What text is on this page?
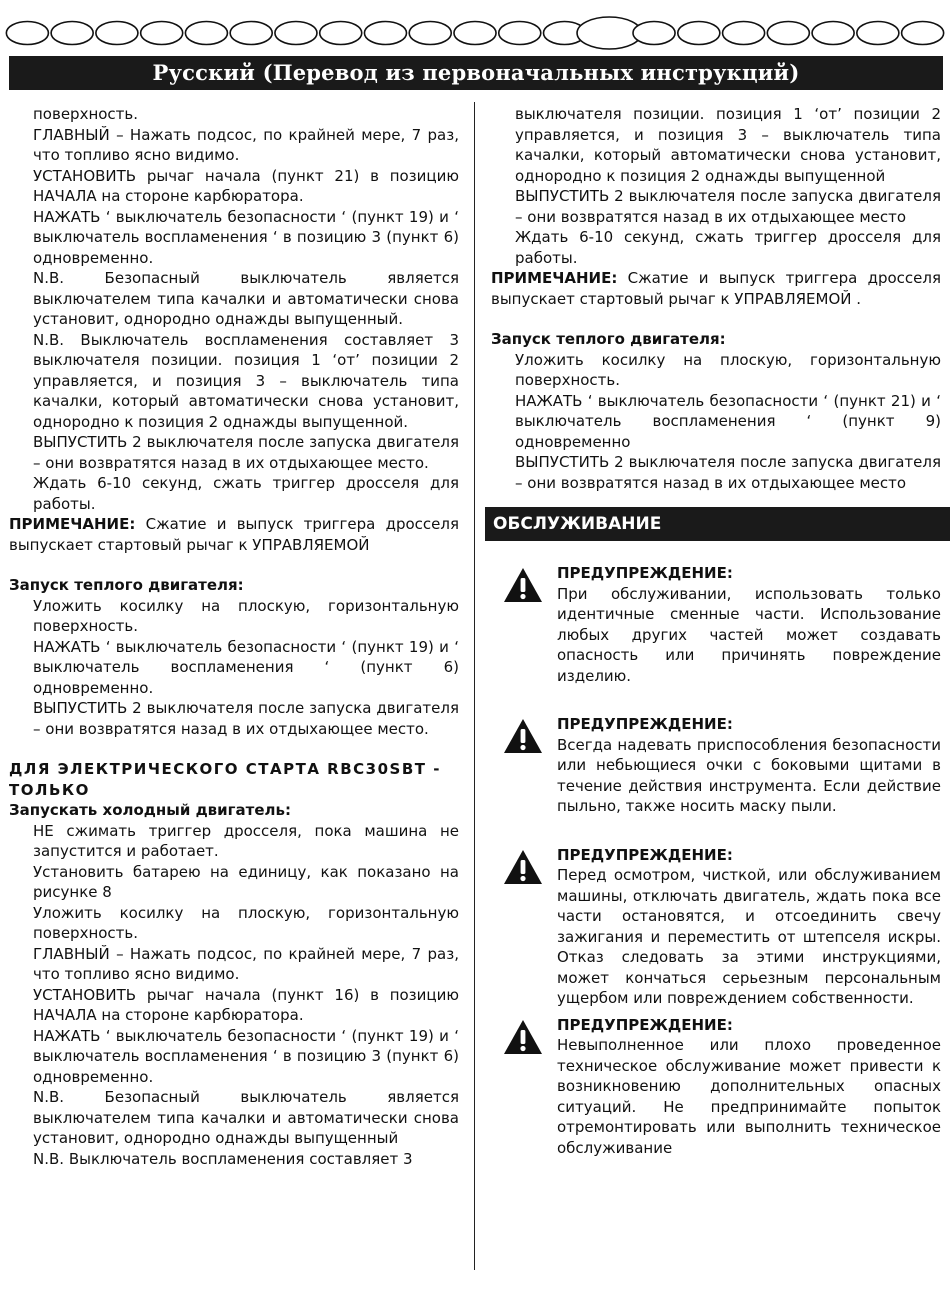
Русский (Перевод из первоначальных инструкций)

поверхность.

ГЛАВНЫЙ – Нажать подсос, по крайней мере, 7 раз, что топливо ясно видимо.

УСТАНОВИТЬ рычаг начала (пункт 21) в позицию НАЧАЛА на стороне карбюратора.

НАЖАТЬ ‘ выключатель безопасности ‘ (пункт 19) и ‘ выключатель воспламенения ‘ в позицию 3 (пункт 6) одновременно.

N.B. Безопасный выключатель является выключателем типа качалки и автоматически снова установит, однородно однажды выпущенный.

N.B. Выключатель воспламенения составляет 3 выключателя позиции. позиция 1 ‘от’ позиции 2 управляется, и позиция 3 – выключатель типа качалки, который автоматически снова установит, однородно к позиция 2 однажды выпущенной.

ВЫПУСТИТЬ 2 выключателя после запуска двигателя – они возвратятся назад в их отдыхающее место.

Ждать 6-10 секунд, сжать триггер дросселя для работы.

ПРИМЕЧАНИЕ: Сжатие и выпуск триггера дросселя выпускает стартовый рычаг к УПРАВЛЯЕМОЙ

Запуск теплого двигателя:

Уложить косилку на плоскую, горизонтальную поверхность.

НАЖАТЬ ‘ выключатель безопасности ‘ (пункт 19) и ‘ выключатель воспламенения ‘ (пункт 6) одновременно.

ВЫПУСТИТЬ 2 выключателя после запуска двигателя – они возвратятся назад в их отдыхающее место.

ДЛЯ ЭЛЕКТРИЧЕСКОГО СТАРТА RBC30SBT - ТОЛЬКО

Запускать холодный двигатель:

НЕ сжимать триггер дросселя, пока машина не запустится и работает.

Установить батарею на единицу, как показано на рисунке 8

Уложить косилку на плоскую, горизонтальную поверхность.

ГЛАВНЫЙ – Нажать подсос, по крайней мере, 7 раз, что топливо ясно видимо.

УСТАНОВИТЬ рычаг начала (пункт 16) в позицию НАЧАЛА на стороне карбюратора.

НАЖАТЬ ‘ выключатель безопасности ‘ (пункт 19) и ‘ выключатель воспламенения ‘ в позицию 3 (пункт 6) одновременно.

N.B. Безопасный выключатель является выключателем типа качалки и автоматически снова установит, однородно однажды выпущенный

N.B. Выключатель воспламенения составляет 3

выключателя позиции. позиция 1 ‘от’ позиции 2 управляется, и позиция 3 – выключатель типа качалки, который автоматически снова установит, однородно к позиция 2 однажды выпущенной

ВЫПУСТИТЬ 2 выключателя после запуска двигателя – они возвратятся назад в их отдыхающее место

Ждать 6-10 секунд, сжать триггер дросселя для работы.

ПРИМЕЧАНИЕ: Сжатие и выпуск триггера дросселя выпускает стартовый рычаг к УПРАВЛЯЕМОЙ .

Запуск теплого двигателя:

Уложить косилку на плоскую, горизонтальную поверхность.

НАЖАТЬ ‘ выключатель безопасности ‘ (пункт 21) и ‘ выключатель воспламенения ‘ (пункт 9) одновременно

ВЫПУСТИТЬ 2 выключателя после запуска двигателя – они возвратятся назад в их отдыхающее место

ОБСЛУЖИВАНИЕ

ПРЕДУПРЕЖДЕНИЕ:

При обслуживании, использовать только идентичные сменные части. Использование любых других частей может создавать опасность или причинять повреждение изделию.

ПРЕДУПРЕЖДЕНИЕ:

Всегда надевать приспособления безопасности или небьющиеся очки с боковыми щитами в течение действия инструмента. Если действие пыльно, также носить маску пыли.

ПРЕДУПРЕЖДЕНИЕ:

Перед осмотром, чисткой, или обслуживанием машины, отключать двигатель, ждать пока все части остановятся, и отсоединить свечу зажигания и переместить от штепселя искры. Отказ следовать за этими инструкциями, может кончаться серьезным персональным ущербом или повреждением собственности.

ПРЕДУПРЕЖДЕНИЕ:

Невыполненное или плохо проведенное техническое обслуживание может привести к возникновению дополнительных опасных ситуаций. Не предпринимайте попыток отремонтировать или выполнить техническое обслуживание
